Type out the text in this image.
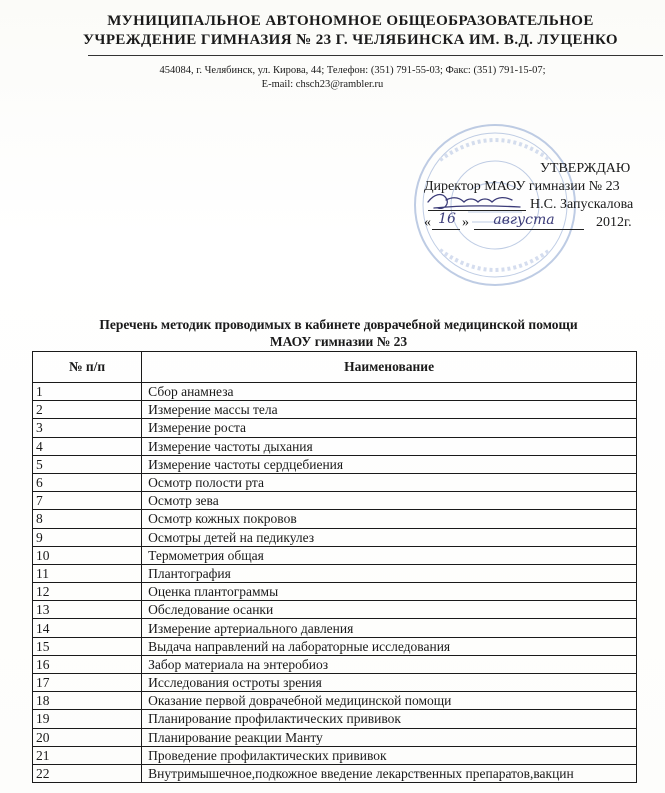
МУНИЦИПАЛЬНОЕ АВТОНОМНОЕ ОБЩЕОБРАЗОВАТЕЛЬНОЕ
УЧРЕЖДЕНИЕ ГИМНАЗИЯ № 23 Г. ЧЕЛЯБИНСКА ИМ. В.Д. ЛУЦЕНКО
454084, г. Челябинск, ул. Кирова, 44; Телефон: (351) 791-55-03; Факс: (351) 791-15-07;
E-mail: chsch23@rambler.ru
УТВЕРЖДАЮ
Директор МАОУ гимназии № 23
Н.С. Запускалова
« 16 »	августа	2012г.
Перечень методик проводимых в кабинете доврачебной медицинской помощи
МАОУ гимназии № 23
№ п/п	Наименование
1	Сбор анамнеза
2	Измерение массы тела
3	Измерение роста
4	Измерение частоты дыхания
5	Измерение частоты сердцебиения
6	Осмотр полости рта
7	Осмотр зева
8	Осмотр кожных покровов
9	Осмотры детей на педикулез
10	Термометрия общая
11	Плантография
12	Оценка плантограммы
13	Обследование осанки
14	Измерение артериального давления
15	Выдача направлений на лабораторные исследования
16	Забор материала на энтеробиоз
17	Исследования остроты зрения
18	Оказание первой доврачебной медицинской помощи
19	Планирование профилактических прививок
20	Планирование реакции Манту
21	Проведение профилактических прививок
22	Внутримышечное,подкожное введение лекарственных препаратов,вакцин
